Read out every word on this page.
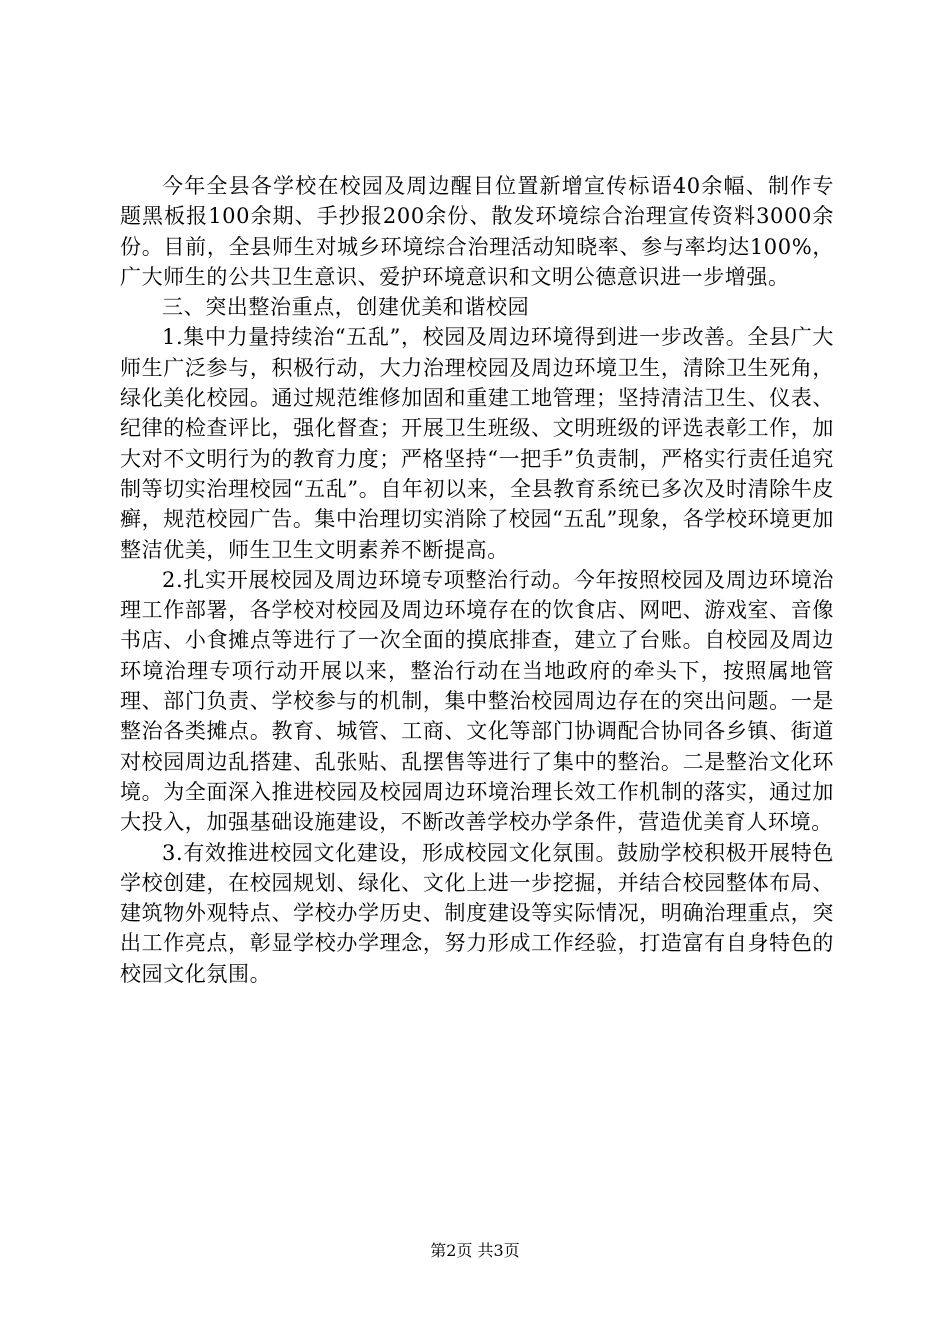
今年全县各学校在校园及周边醒目位置新增宣传标语40余幅、制作专题黑板报100余期、手抄报200余份、散发环境综合治理宣传资料3000余份。目前，全县师生对城乡环境综合治理活动知晓率、参与率均达100%，广大师生的公共卫生意识、爱护环境意识和文明公德意识进一步增强。

三、突出整治重点，创建优美和谐校园

1.集中力量持续治“五乱”，校园及周边环境得到进一步改善。全县广大师生广泛参与，积极行动，大力治理校园及周边环境卫生，清除卫生死角，绿化美化校园。通过规范维修加固和重建工地管理；坚持清洁卫生、仪表、纪律的检查评比，强化督查；开展卫生班级、文明班级的评选表彰工作，加大对不文明行为的教育力度；严格坚持“一把手”负责制，严格实行责任追究制等切实治理校园“五乱”。自年初以来，全县教育系统已多次及时清除牛皮癣，规范校园广告。集中治理切实消除了校园“五乱”现象，各学校环境更加整洁优美，师生卫生文明素养不断提高。

2.扎实开展校园及周边环境专项整治行动。今年按照校园及周边环境治理工作部署，各学校对校园及周边环境存在的饮食店、网吧、游戏室、音像书店、小食摊点等进行了一次全面的摸底排查，建立了台账。自校园及周边环境治理专项行动开展以来，整治行动在当地政府的牵头下，按照属地管理、部门负责、学校参与的机制，集中整治校园周边存在的突出问题。一是整治各类摊点。教育、城管、工商、文化等部门协调配合协同各乡镇、街道对校园周边乱搭建、乱张贴、乱摆售等进行了集中的整治。二是整治文化环境。为全面深入推进校园及校园周边环境治理长效工作机制的落实，通过加大投入，加强基础设施建设，不断改善学校办学条件，营造优美育人环境。

3.有效推进校园文化建设，形成校园文化氛围。鼓励学校积极开展特色学校创建，在校园规划、绿化、文化上进一步挖掘，并结合校园整体布局、建筑物外观特点、学校办学历史、制度建设等实际情况，明确治理重点，突出工作亮点，彰显学校办学理念，努力形成工作经验，打造富有自身特色的校园文化氛围。

第2页 共3页
